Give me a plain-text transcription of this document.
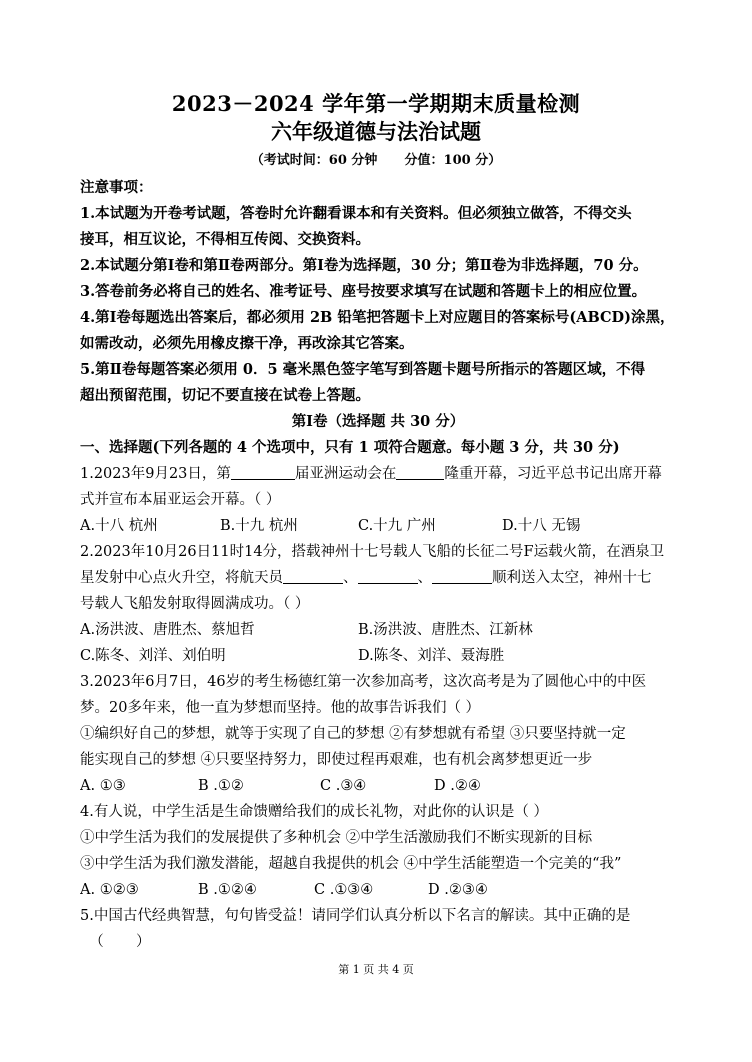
2023－2024 学年第一学期期末质量检测
六年级道德与法治试题
（考试时间：60 分钟      分值：100 分）
注意事项：
1.本试题为开卷考试题，答卷时允许翻看课本和有关资料。但必须独立做答，不得交头
接耳，相互议论，不得相互传阅、交换资料。
2.本试题分第Ⅰ卷和第Ⅱ卷两部分。第Ⅰ卷为选择题，30 分；第Ⅱ卷为非选择题，70 分。
3.答卷前务必将自己的姓名、准考证号、座号按要求填写在试题和答题卡上的相应位置。
4.第Ⅰ卷每题选出答案后，都必须用 2B 铅笔把答题卡上对应题目的答案标号(ABCD)涂黑，
如需改动，必须先用橡皮擦干净，再改涂其它答案。
5.第Ⅱ卷每题答案必须用 0．5 毫米黑色签字笔写到答题卡题号所指示的答题区域，不得
超出预留范围，切记不要直接在试卷上答题。
第Ⅰ卷（选择题 共 30 分）
一、选择题(下列各题的 4 个选项中，只有 1 项符合题意。每小题 3 分，共 30 分)
1.2023年9月23日，第	届亚洲运动会在	隆重开幕，习近平总书记出席开幕
式并宣布本届亚运会开幕。（ ）
A.十八 杭州	B.十九 杭州	C.十九 广州	D.十八 无锡
2.2023年10月26日11时14分，搭载神州十七号载人飞船的长征二号F运载火箭，在酒泉卫
星发射中心点火升空，将航天员	、	、	顺利送入太空，神州十七
号载人飞船发射取得圆满成功。（ ）
A.汤洪波、唐胜杰、蔡旭哲	B.汤洪波、唐胜杰、江新林
C.陈冬、刘洋、刘伯明	D.陈冬、刘洋、聂海胜
3.2023年6月7日，46岁的考生杨德红第一次参加高考，这次高考是为了圆他心中的中医
梦。20多年来，他一直为梦想而坚持。他的故事告诉我们（ ）
①编织好自己的梦想，就等于实现了自己的梦想 ②有梦想就有希望 ③只要坚持就一定
能实现自己的梦想 ④只要坚持努力，即使过程再艰难，也有机会离梦想更近一步
A. ①③	B .①②	C .③④	D .②④
4.有人说，中学生活是生命馈赠给我们的成长礼物，对此你的认识是（ ）
①中学生活为我们的发展提供了多种机会 ②中学生活激励我们不断实现新的目标
③中学生活为我们激发潜能，超越自我提供的机会 ④中学生活能塑造一个完美的“我”
A. ①②③	B .①②④	C .①③④	D .②③④
5.中国古代经典智慧，句句皆受益！请同学们认真分析以下名言的解读。其中正确的是
（       ）
第 1 页 共 4 页
